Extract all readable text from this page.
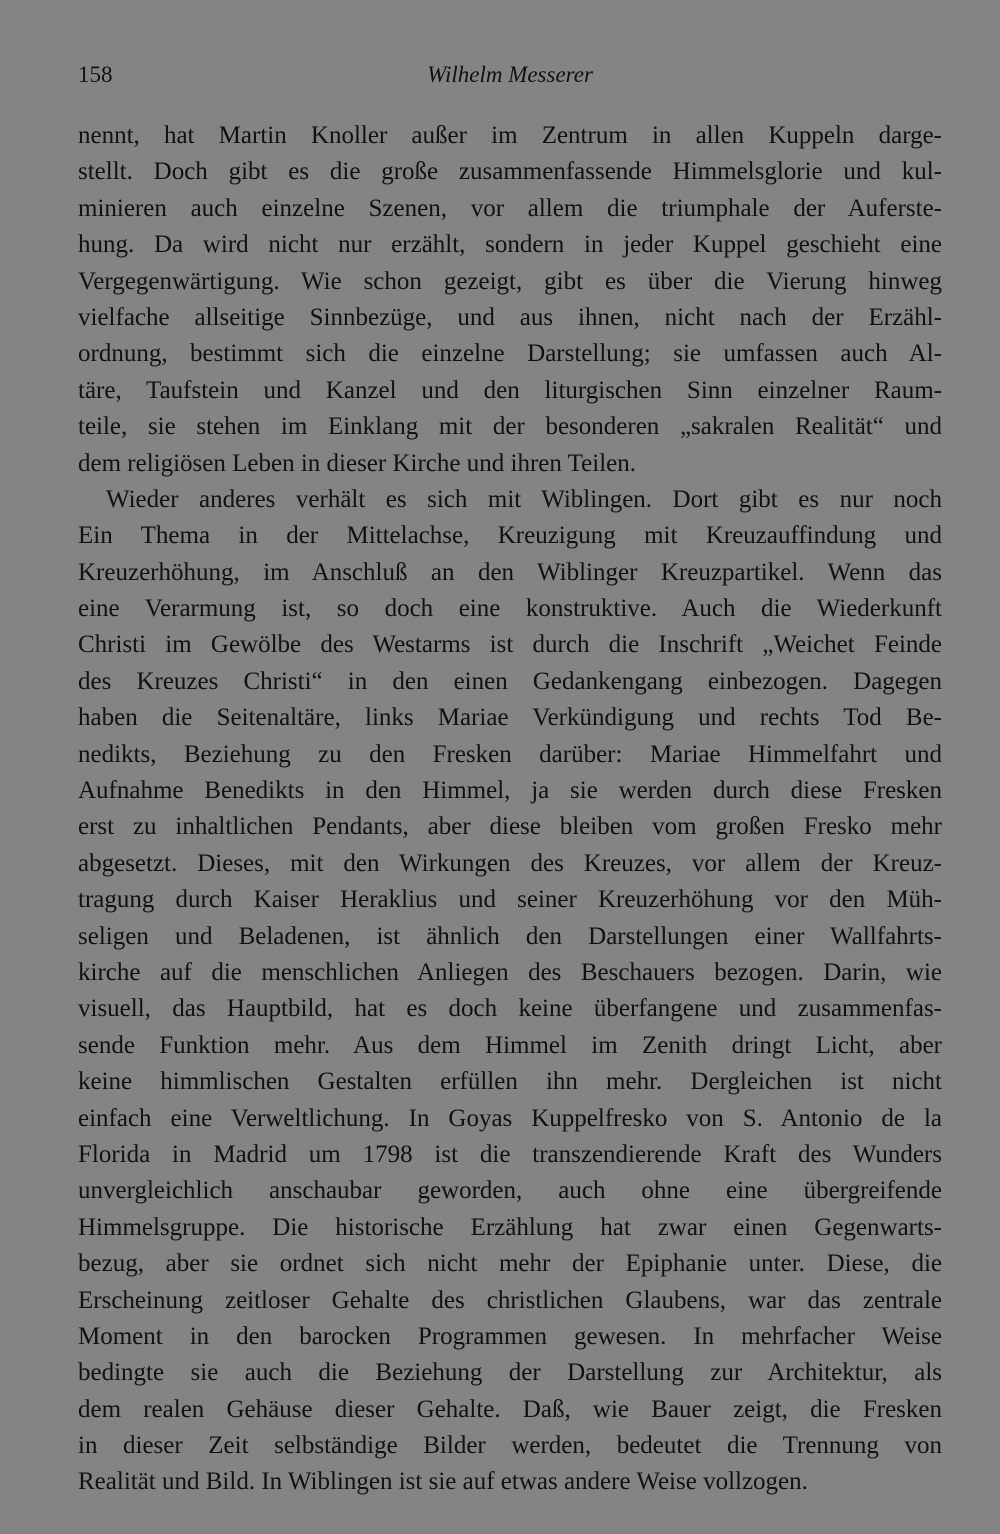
158	Wilhelm Messerer
nennt, hat Martin Knoller außer im Zentrum in allen Kuppeln darge-
stellt. Doch gibt es die große zusammenfassende Himmelsglorie und kul-
minieren auch einzelne Szenen, vor allem die triumphale der Auferste-
hung. Da wird nicht nur erzählt, sondern in jeder Kuppel geschieht eine
Vergegenwärtigung. Wie schon gezeigt, gibt es über die Vierung hinweg
vielfache allseitige Sinnbezüge, und aus ihnen, nicht nach der Erzähl-
ordnung, bestimmt sich die einzelne Darstellung; sie umfassen auch Al-
täre, Taufstein und Kanzel und den liturgischen Sinn einzelner Raum-
teile, sie stehen im Einklang mit der besonderen „sakralen Realität“ und
dem religiösen Leben in dieser Kirche und ihren Teilen.
Wieder anderes verhält es sich mit Wiblingen. Dort gibt es nur noch
Ein Thema in der Mittelachse, Kreuzigung mit Kreuzauffindung und
Kreuzerhöhung, im Anschluß an den Wiblinger Kreuzpartikel. Wenn das
eine Verarmung ist, so doch eine konstruktive. Auch die Wiederkunft
Christi im Gewölbe des Westarms ist durch die Inschrift „Weichet Feinde
des Kreuzes Christi“ in den einen Gedankengang einbezogen. Dagegen
haben die Seitenaltäre, links Mariae Verkündigung und rechts Tod Be-
nedikts, Beziehung zu den Fresken darüber: Mariae Himmelfahrt und
Aufnahme Benedikts in den Himmel, ja sie werden durch diese Fresken
erst zu inhaltlichen Pendants, aber diese bleiben vom großen Fresko mehr
abgesetzt. Dieses, mit den Wirkungen des Kreuzes, vor allem der Kreuz-
tragung durch Kaiser Heraklius und seiner Kreuzerhöhung vor den Müh-
seligen und Beladenen, ist ähnlich den Darstellungen einer Wallfahrts-
kirche auf die menschlichen Anliegen des Beschauers bezogen. Darin, wie
visuell, das Hauptbild, hat es doch keine überfangene und zusammenfas-
sende Funktion mehr. Aus dem Himmel im Zenith dringt Licht, aber
keine himmlischen Gestalten erfüllen ihn mehr. Dergleichen ist nicht
einfach eine Verweltlichung. In Goyas Kuppelfresko von S. Antonio de la
Florida in Madrid um 1798 ist die transzendierende Kraft des Wunders
unvergleichlich anschaubar geworden, auch ohne eine übergreifende
Himmelsgruppe. Die historische Erzählung hat zwar einen Gegenwarts-
bezug, aber sie ordnet sich nicht mehr der Epiphanie unter. Diese, die
Erscheinung zeitloser Gehalte des christlichen Glaubens, war das zentrale
Moment in den barocken Programmen gewesen. In mehrfacher Weise
bedingte sie auch die Beziehung der Darstellung zur Architektur, als
dem realen Gehäuse dieser Gehalte. Daß, wie Bauer zeigt, die Fresken
in dieser Zeit selbständige Bilder werden, bedeutet die Trennung von
Realität und Bild. In Wiblingen ist sie auf etwas andere Weise vollzogen.
